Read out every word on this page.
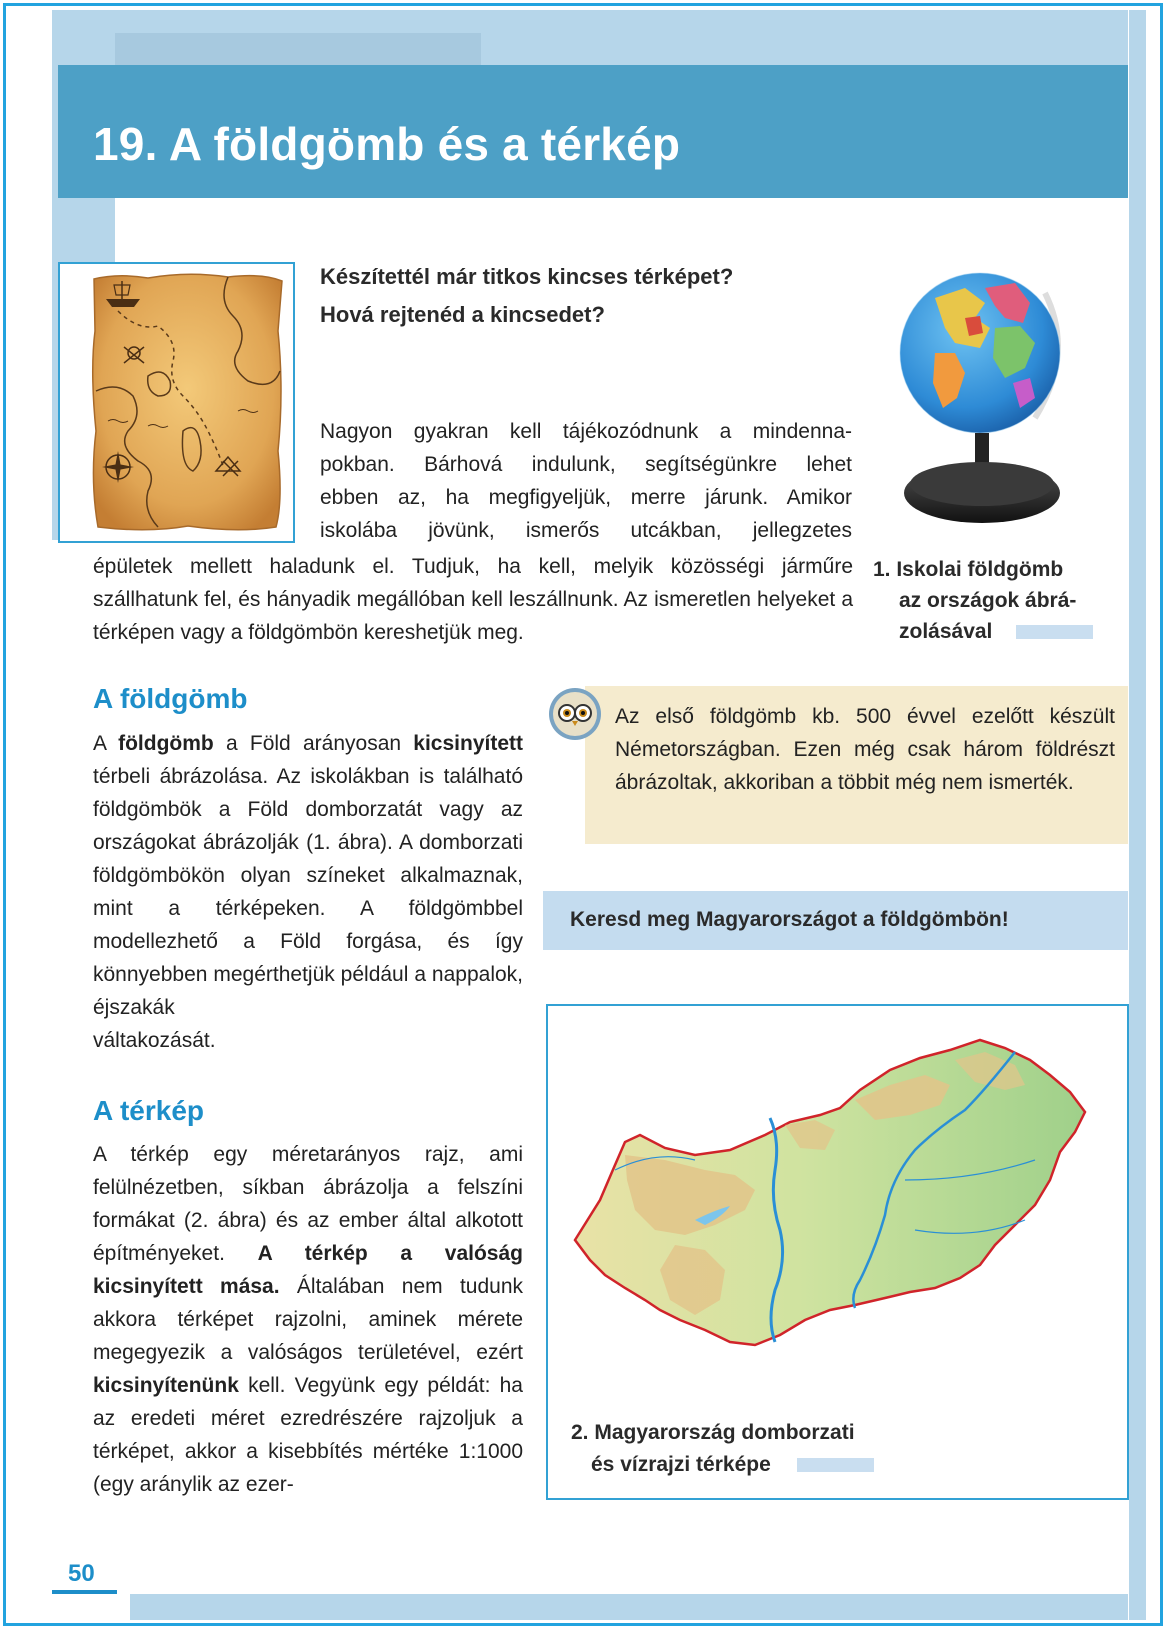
19. A földgömb és a térkép
Készítettél már titkos kincses térképet?
Hová rejtenéd a kincsedet?
Nagyon gyakran kell tájékozódnunk a mindenna-
pokban. Bárhová indulunk, segítségünkre lehet
ebben az, ha megfigyeljük, merre járunk. Amikor
iskolába jövünk, ismerős utcákban, jellegzetes
épületek mellett haladunk el. Tudjuk, ha kell, melyik közösségi járműre szállhatunk fel, és hányadik megállóban kell leszállnunk. Az ismeretlen helyeket a térképen vagy a földgömbön kereshetjük meg.
1. Iskolai földgömb
az országok ábrá-
zolásával
A földgömb
A földgömb a Föld arányosan kicsinyített térbeli ábrázolása. Az iskolákban is található földgömbök a Föld domborzatát vagy az országokat ábrázolják (1. ábra). A domborzati földgömbökön olyan színeket alkalmaznak, mint a térképeken. A földgömbbel modellezhető a Föld forgása, és így könnyebben megérthetjük például a nappalok, éjszakák
váltakozását.
Az első földgömb kb. 500 évvel ezelőtt készült Németországban. Ezen még csak három földrészt ábrázoltak, akkoriban a többit még nem ismerték.
Keresd meg Magyarországot a földgömbön!
A térkép
A térkép egy méretarányos rajz, ami felülnézetben, síkban ábrázolja a felszíni formákat (2. ábra) és az ember által alkotott építményeket. A térkép a valóság kicsinyített mása. Általában nem tudunk akkora térképet rajzolni, aminek mérete megegyezik a valóságos területével, ezért kicsinyítenünk kell. Vegyünk egy példát: ha az eredeti méret ezredrészére rajzoljuk a térképet, akkor a kisebbítés mértéke 1:1000 (egy aránylik az ezer-
2. Magyarország domborzati
és vízrajzi térképe
50
